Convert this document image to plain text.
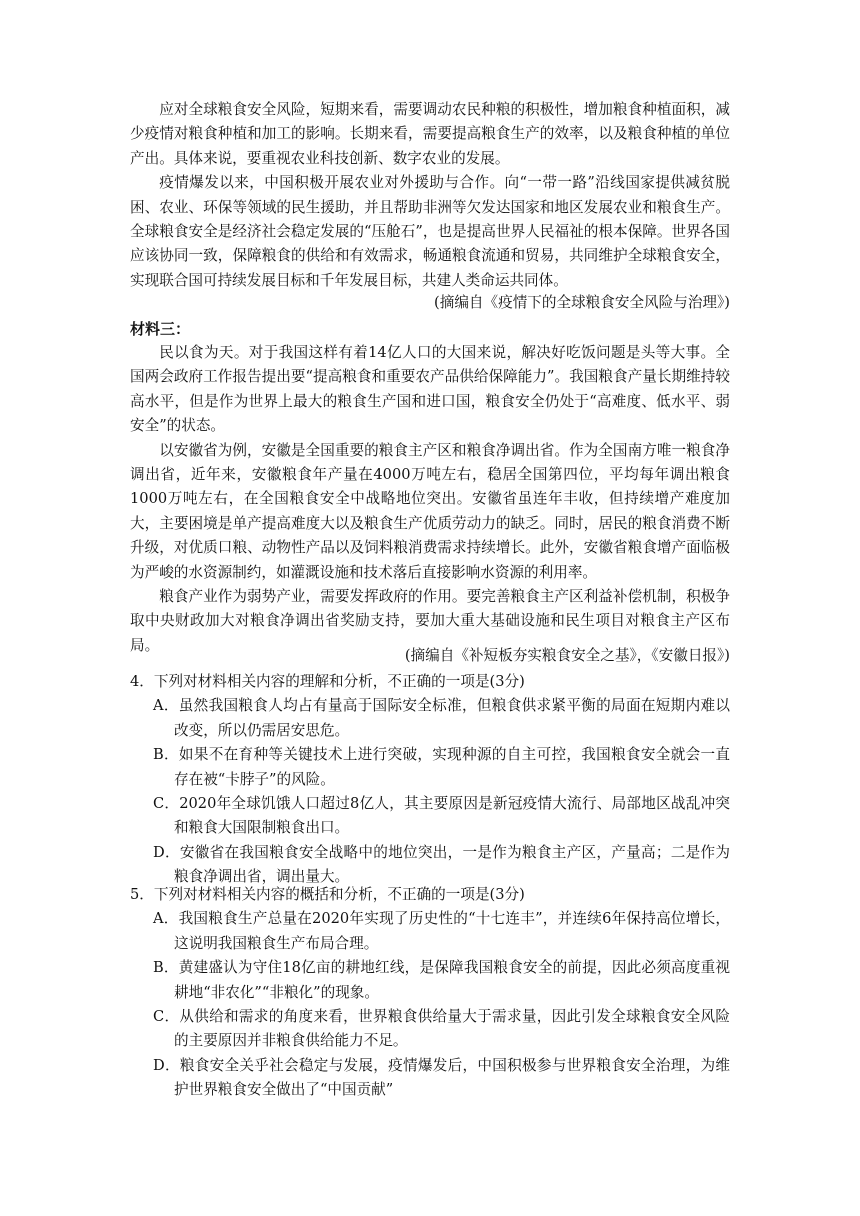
应对全球粮食安全风险，短期来看，需要调动农民种粮的积极性，增加粮食种植面积，减少疫情对粮食种植和加工的影响。长期来看，需要提高粮食生产的效率，以及粮食种植的单位产出。具体来说，要重视农业科技创新、数字农业的发展。

疫情爆发以来，中国积极开展农业对外援助与合作。向“一带一路”沿线国家提供减贫脱困、农业、环保等领域的民生援助，并且帮助非洲等欠发达国家和地区发展农业和粮食生产。全球粮食安全是经济社会稳定发展的“压舱石”，也是提高世界人民福祉的根本保障。世界各国应该协同一致，保障粮食的供给和有效需求，畅通粮食流通和贸易，共同维护全球粮食安全，实现联合国可持续发展目标和千年发展目标，共建人类命运共同体。

(摘编自《疫情下的全球粮食安全风险与治理》)

材料三：

民以食为天。对于我国这样有着14亿人口的大国来说，解决好吃饭问题是头等大事。全国两会政府工作报告提出要“提高粮食和重要农产品供给保障能力”。我国粮食产量长期维持较高水平，但是作为世界上最大的粮食生产国和进口国，粮食安全仍处于“高难度、低水平、弱安全”的状态。

以安徽省为例，安徽是全国重要的粮食主产区和粮食净调出省。作为全国南方唯一粮食净调出省，近年来，安徽粮食年产量在4000万吨左右，稳居全国第四位，平均每年调出粮食 1000万吨左右，在全国粮食安全中战略地位突出。安徽省虽连年丰收，但持续增产难度加大，主要困境是单产提高难度大以及粮食生产优质劳动力的缺乏。同时，居民的粮食消费不断升级，对优质口粮、动物性产品以及饲料粮消费需求持续增长。此外，安徽省粮食增产面临极为严峻的水资源制约，如灌溉设施和技术落后直接影响水资源的利用率。

粮食产业作为弱势产业，需要发挥政府的作用。要完善粮食主产区利益补偿机制，积极争取中央财政加大对粮食净调出省奖励支持，要加大重大基础设施和民生项目对粮食主产区布局。

(摘编自《补短板夯实粮食安全之基》，《安徽日报》)

4．下列对材料相关内容的理解和分析，不正确的一项是(3分)

A．虽然我国粮食人均占有量高于国际安全标准，但粮食供求紧平衡的局面在短期内难以改变，所以仍需居安思危。

B．如果不在育种等关键技术上进行突破，实现种源的自主可控，我国粮食安全就会一直存在被“卡脖子”的风险。

C．2020年全球饥饿人口超过8亿人，其主要原因是新冠疫情大流行、局部地区战乱冲突和粮食大国限制粮食出口。

D．安徽省在我国粮食安全战略中的地位突出，一是作为粮食主产区，产量高；二是作为粮食净调出省，调出量大。

5．下列对材料相关内容的概括和分析，不正确的一项是(3分)

A．我国粮食生产总量在2020年实现了历史性的“十七连丰”，并连续6年保持高位增长，这说明我国粮食生产布局合理。

B．黄建盛认为守住18亿亩的耕地红线，是保障我国粮食安全的前提，因此必须高度重视耕地“非农化”“非粮化”的现象。

C．从供给和需求的角度来看，世界粮食供给量大于需求量，因此引发全球粮食安全风险的主要原因并非粮食供给能力不足。

D．粮食安全关乎社会稳定与发展，疫情爆发后，中国积极参与世界粮食安全治理，为维护世界粮食安全做出了“中国贡献”
